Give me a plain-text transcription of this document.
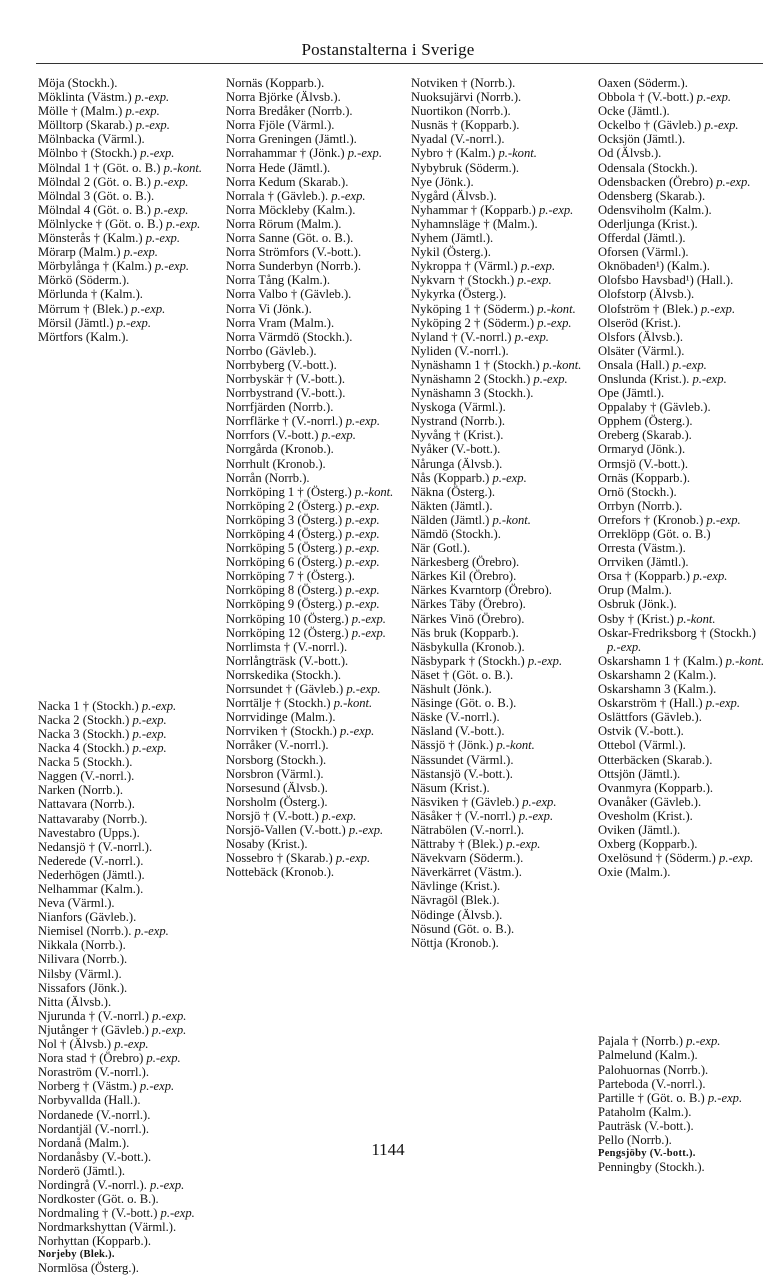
Postanstalterna i Sverige
Möja (Stockh.).
Möklinta (Västm.) p.-exp.
Mölle † (Malm.) p.-exp.
Mölltorp (Skarab.) p.-exp.
Mölnbacka (Värml.).
Mölnbo † (Stockh.) p.-exp.
Mölndal 1 † (Göt. o. B.) p.-kont.
Mölndal 2 (Göt. o. B.) p.-exp.
Mölndal 3 (Göt. o. B.).
Mölndal 4 (Göt. o. B.) p.-exp.
Mölnlycke † (Göt. o. B.) p.-exp.
Mönsterås † (Kalm.) p.-exp.
Mörarp (Malm.) p.-exp.
Mörbylånga † (Kalm.) p.-exp.
Mörkö (Söderm.).
Mörlunda † (Kalm.).
Mörrum † (Blek.) p.-exp.
Mörsil (Jämtl.) p.-exp.
Mörtfors (Kalm.).
Nacka 1 † (Stockh.) p.-exp.
Nacka 2 (Stockh.) p.-exp.
Nacka 3 (Stockh.) p.-exp.
Nacka 4 (Stockh.) p.-exp.
Nacka 5 (Stockh.).
Naggen (V.-norrl.).
Narken (Norrb.).
Nattavara (Norrb.).
Nattavaraby (Norrb.).
Navestabro (Upps.).
Nedansjö † (V.-norrl.).
Nederede (V.-norrl.).
Nederhögen (Jämtl.).
Nelhammar (Kalm.).
Neva (Värml.).
Nianfors (Gävleb.).
Niemisel (Norrb.). p.-exp.
Nikkala (Norrb.).
Nilivara (Norrb.).
Nilsby (Värml.).
Nissafors (Jönk.).
Nitta (Älvsb.).
Njurunda † (V.-norrl.) p.-exp.
Njutånger † (Gävleb.) p.-exp.
Nol † (Älvsb.) p.-exp.
Nora stad † (Örebro) p.-exp.
Noraström (V.-norrl.).
Norberg † (Västm.) p.-exp.
Norbyvallda (Hall.).
Nordanede (V.-norrl.).
Nordantjäl (V.-norrl.).
Nordanå (Malm.).
Nordanåsby (V.-bott.).
Norderö (Jämtl.).
Nordingrå (V.-norrl.). p.-exp.
Nordkoster (Göt. o. B.).
Nordmaling † (V.-bott.) p.-exp.
Nordmarkshyttan (Värml.).
Norhyttan (Kopparb.).
Norjeby (Blek.).
Normlösa (Österg.).
Nornäs (Kopparb.).
Norra Björke (Älvsb.).
Norra Bredåker (Norrb.).
Norra Fjöle (Värml.).
Norra Greningen (Jämtl.).
Norrahammar † (Jönk.) p.-exp.
Norra Hede (Jämtl.).
Norra Kedum (Skarab.).
Norrala † (Gävleb.). p.-exp.
Norra Möckleby (Kalm.).
Norra Rörum (Malm.).
Norra Sanne (Göt. o. B.).
Norra Strömfors (V.-bott.).
Norra Sunderbyn (Norrb.).
Norra Tång (Kalm.).
Norra Valbo † (Gävleb.).
Norra Vi (Jönk.).
Norra Vram (Malm.).
Norra Värmdö (Stockh.).
Norrbo (Gävleb.).
Norrbyberg (V.-bott.).
Norrbyskär † (V.-bott.).
Norrbystrand (V.-bott.).
Norrfjärden (Norrb.).
Norrflärke † (V.-norrl.) p.-exp.
Norrfors (V.-bott.) p.-exp.
Norrgårda (Kronob.).
Norrhult (Kronob.).
Norrån (Norrb.).
Norrköping 1 † (Österg.) p.-kont.
Norrköping 2 (Österg.) p.-exp.
Norrköping 3 (Österg.) p.-exp.
Norrköping 4 (Österg.) p.-exp.
Norrköping 5 (Österg.) p.-exp.
Norrköping 6 (Österg.) p.-exp.
Norrköping 7 † (Österg.).
Norrköping 8 (Österg.) p.-exp.
Norrköping 9 (Österg.) p.-exp.
Norrköping 10 (Österg.) p.-exp.
Norrköping 12 (Österg.) p.-exp.
Norrlimsta † (V.-norrl.).
Norrlångträsk (V.-bott.).
Norrskedika (Stockh.).
Norrsundet † (Gävleb.) p.-exp.
Norrtälje † (Stockh.) p.-kont.
Norrvidinge (Malm.).
Norrviken † (Stockh.) p.-exp.
Norråker (V.-norrl.).
Norsborg (Stockh.).
Norsbron (Värml.).
Norsesund (Älvsb.).
Norsholm (Österg.).
Norsjö † (V.-bott.) p.-exp.
Norsjö-Vallen (V.-bott.) p.-exp.
Nosaby (Krist.).
Nossebro † (Skarab.) p.-exp.
Nottebäck (Kronob.).
Notviken † (Norrb.).
Nuoksujärvi (Norrb.).
Nuortikon (Norrb.).
Nusnäs † (Kopparb.).
Nyadal (V.-norrl.).
Nybro † (Kalm.) p.-kont.
Nybybruk (Söderm.).
Nye (Jönk.).
Nygård (Älvsb.).
Nyhammar † (Kopparb.) p.-exp.
Nyhamnsläge † (Malm.).
Nyhem (Jämtl.).
Nykil (Österg.).
Nykroppa † (Värml.) p.-exp.
Nykvarn † (Stockh.) p.-exp.
Nykyrka (Österg.).
Nyköping 1 † (Söderm.) p.-kont.
Nyköping 2 † (Söderm.) p.-exp.
Nyland † (V.-norrl.) p.-exp.
Nyliden (V.-norrl.).
Nynäshamn 1 † (Stockh.) p.-kont.
Nynäshamn 2 (Stockh.) p.-exp.
Nynäshamn 3 (Stockh.).
Nyskoga (Värml.).
Nystrand (Norrb.).
Nyvång † (Krist.).
Nyåker (V.-bott.).
Nårunga (Älvsb.).
Nås (Kopparb.) p.-exp.
Näkna (Österg.).
Näkten (Jämtl.).
Nälden (Jämtl.) p.-kont.
Nämdö (Stockh.).
När (Gotl.).
Närkesberg (Örebro).
Närkes Kil (Örebro).
Närkes Kvarntorp (Örebro).
Närkes Täby (Örebro).
Närkes Vinö (Örebro).
Näs bruk (Kopparb.).
Näsbykulla (Kronob.).
Näsbypark † (Stockh.) p.-exp.
Näset † (Göt. o. B.).
Näshult (Jönk.).
Näsinge (Göt. o. B.).
Näske (V.-norrl.).
Näsland (V.-bott.).
Nässjö † (Jönk.) p.-kont.
Nässundet (Värml.).
Nästansjö (V.-bott.).
Näsum (Krist.).
Näsviken † (Gävleb.) p.-exp.
Näsåker † (V.-norrl.) p.-exp.
Nätrabölen (V.-norrl.).
Nättraby † (Blek.) p.-exp.
Nävekvarn (Söderm.).
Näverkärret (Västm.).
Nävlinge (Krist.).
Nävragöl (Blek.).
Nödinge (Älvsb.).
Nösund (Göt. o. B.).
Nöttja (Kronob.).
Oaxen (Söderm.).
Obbola † (V.-bott.) p.-exp.
Ocke (Jämtl.).
Ockelbo † (Gävleb.) p.-exp.
Ocksjön (Jämtl.).
Od (Älvsb.).
Odensala (Stockh.).
Odensbacken (Örebro) p.-exp.
Odensberg (Skarab.).
Odensviholm (Kalm.).
Oderljunga (Krist.).
Offerdal (Jämtl.).
Oforsen (Värml.).
Oknöbaden¹) (Kalm.).
Olofsbo Havsbad¹) (Hall.).
Olofstorp (Älvsb.).
Olofström † (Blek.) p.-exp.
Olseröd (Krist.).
Olsfors (Älvsb.).
Olsäter (Värml.).
Onsala (Hall.) p.-exp.
Onslunda (Krist.). p.-exp.
Ope (Jämtl.).
Oppalaby † (Gävleb.).
Opphem (Österg.).
Oreberg (Skarab.).
Ormaryd (Jönk.).
Ormsjö (V.-bott.).
Ornäs (Kopparb.).
Ornö (Stockh.).
Orrbyn (Norrb.).
Orrefors † (Kronob.) p.-exp.
Orreklöpp (Göt. o. B.)
Orresta (Västm.).
Orrviken (Jämtl.).
Orsa † (Kopparb.) p.-exp.
Orup (Malm.).
Osbruk (Jönk.).
Osby † (Krist.) p.-kont.
Oskar-Fredriksborg † (Stockh.) p.-exp.
Oskarshamn 1 † (Kalm.) p.-kont.
Oskarshamn 2 (Kalm.).
Oskarshamn 3 (Kalm.).
Oskarström † (Hall.) p.-exp.
Oslättfors (Gävleb.).
Ostvik (V.-bott.).
Ottebol (Värml.).
Otterbäcken (Skarab.).
Ottsjön (Jämtl.).
Ovanmyra (Kopparb.).
Ovanåker (Gävleb.).
Ovesholm (Krist.).
Oviken (Jämtl.).
Oxberg (Kopparb.).
Oxelösund † (Söderm.) p.-exp.
Oxie (Malm.).
Pajala † (Norrb.) p.-exp.
Palmelund (Kalm.).
Palohuornas (Norrb.).
Parteboda (V.-norrl.).
Partille † (Göt. o. B.) p.-exp.
Pataholm (Kalm.).
Pauträsk (V.-bott.).
Pello (Norrb.).
Pengsjöby (V.-bott.).
Penningby (Stockh.).
1144
